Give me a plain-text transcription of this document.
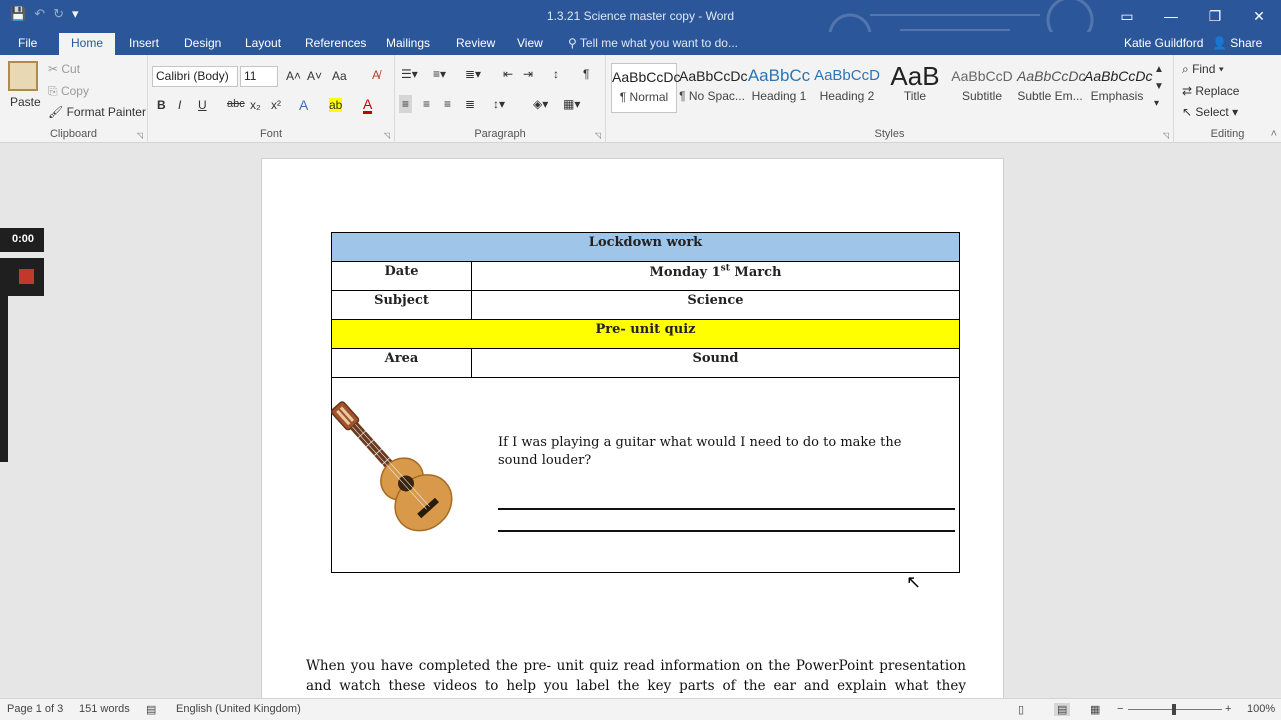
💾 ↶ ↻ ▾	1.3.21 Science master copy - Word	▭	—	❐	✕
File	Home	Insert Design Layout References Mailings Review View ⚲ Tell me what you want to do...	Katie Guildford 👤 Share
Paste
✂ Cut
⎘ Copy
🖌 Format Painter
Clipboard	◹
Calibri (Body)	11	A˄ A˅ Aa A̸
B I U abc x₂ x² A ab A
Font	◹
☰▾ ≡▾ ≣▾ ⇤ ⇥ ↕ ¶
≡ ≡ ≡ ≣ ↕▾ ◈▾ ▦▾
Paragraph	◹
AaBbCcDc
¶ Normal
AaBbCcDc
¶ No Spac...
AaBbCc
Heading 1
AaBbCcD
Heading 2
AaB
Title
AaBbCcD
Subtitle
AaBbCcDc
Subtle Em...
AaBbCcDc
Emphasis
▲
▼
▾
Styles	◹
⌕ Find ▾
⇄ Replace
↖ Select ▾
Editing	˄
Lockdown work	
Date	Monday 1st March
Subject	Science
Pre- unit quiz	
Area	Sound

If I was playing a guitar what would I need to do to make the sound louder?
When you have completed the pre- unit quiz read information on the PowerPoint presentation and watch these videos to help you label the key parts of the ear and explain what they
↖
0:00
Page 1 of 3 151 words ▤ English (United Kingdom)	▯	▤ ▦ −	+ 100%
